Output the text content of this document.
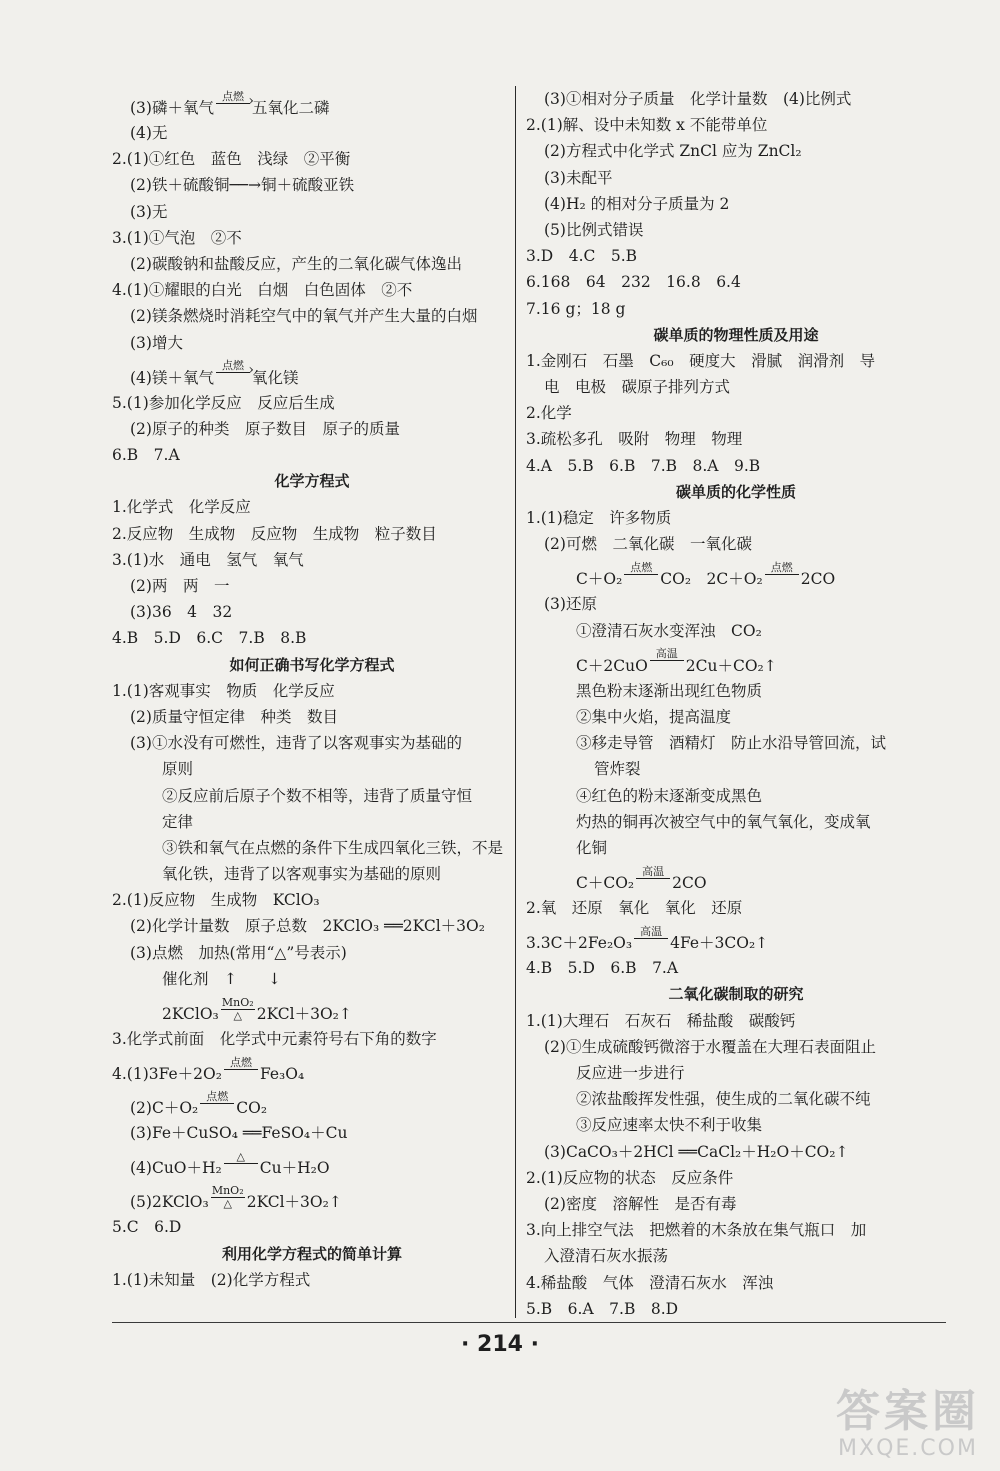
(3)磷＋氧气
点燃
›
五氧化二磷
(4)无
2.(1)①红色　蓝色　浅绿　②平衡
(2)铁＋硫酸铜──→铜＋硫酸亚铁
(3)无
3.(1)①气泡　②不
(2)碳酸钠和盐酸反应，产生的二氧化碳气体逸出
4.(1)①耀眼的白光　白烟　白色固体　②不
(2)镁条燃烧时消耗空气中的氧气并产生大量的白烟
(3)增大
(4)镁＋氧气
点燃
›
氧化镁
5.(1)参加化学反应　反应后生成
(2)原子的种类　原子数目　原子的质量
6.B　7.A
化学方程式
1.化学式　化学反应
2.反应物　生成物　反应物　生成物　粒子数目
3.(1)水　通电　氢气　氧气
(2)两　两　一
(3)36　4　32
4.B　5.D　6.C　7.B　8.B
如何正确书写化学方程式
1.(1)客观事实　物质　化学反应
(2)质量守恒定律　种类　数目
(3)①水没有可燃性，违背了以客观事实为基础的
原则
②反应前后原子个数不相等，违背了质量守恒
定律
③铁和氧气在点燃的条件下生成四氧化三铁，不是
氧化铁，违背了以客观事实为基础的原则
2.(1)反应物　生成物　KClO₃
(2)化学计量数　原子总数　2KClO₃ ══2KCl＋3O₂
(3)点燃　加热(常用“△”号表示)
催化剂　↑　　↓
2KClO₃
MnO₂
△ 2KCl＋3O₂↑
3.化学式前面　化学式中元素符号右下角的数字
4.(1)3Fe＋2O₂
点燃
Fe₃O₄
(2)C＋O₂
点燃
CO₂
(3)Fe＋CuSO₄ ══FeSO₄＋Cu
(4)CuO＋H₂
△
Cu＋H₂O
(5)2KClO₃
MnO₂
△ 2KCl＋3O₂↑
5.C　6.D
利用化学方程式的简单计算
1.(1)未知量　(2)化学方程式
(3)①相对分子质量　化学计量数　(4)比例式
2.(1)解、设中未知数 x 不能带单位
(2)方程式中化学式 ZnCl 应为 ZnCl₂
(3)未配平
(4)H₂ 的相对分子质量为 2
(5)比例式错误
3.D　4.C　5.B
6.168　64　232　16.8　6.4
7.16 g；18 g
碳单质的物理性质及用途
1.金刚石　石墨　C₆₀　硬度大　滑腻　润滑剂　导
电　电极　碳原子排列方式
2.化学
3.疏松多孔　吸附　物理　物理
4.A　5.B　6.B　7.B　8.A　9.B
碳单质的化学性质
1.(1)稳定　许多物质
(2)可燃　二氧化碳　一氧化碳
C＋O₂
点燃
CO₂　2C＋O₂
点燃
2CO
(3)还原
①澄清石灰水变浑浊　CO₂
C＋2CuO
高温
2Cu＋CO₂↑
黑色粉末逐渐出现红色物质
②集中火焰，提高温度
③移走导管　酒精灯　防止水沿导管回流，试
管炸裂
④红色的粉末逐渐变成黑色
灼热的铜再次被空气中的氧气氧化，变成氧
化铜
C＋CO₂
高温
2CO
2.氧　还原　氧化　氧化　还原
3.3C＋2Fe₂O₃
高温
4Fe＋3CO₂↑
4.B　5.D　6.B　7.A
二氧化碳制取的研究
1.(1)大理石　石灰石　稀盐酸　碳酸钙
(2)①生成硫酸钙微溶于水覆盖在大理石表面阻止
反应进一步进行
②浓盐酸挥发性强，使生成的二氧化碳不纯
③反应速率太快不利于收集
(3)CaCO₃＋2HCl ══CaCl₂＋H₂O＋CO₂↑
2.(1)反应物的状态　反应条件
(2)密度　溶解性　是否有毒
3.向上排空气法　把燃着的木条放在集气瓶口　加
入澄清石灰水振荡
4.稀盐酸　气体　澄清石灰水　浑浊
5.B　6.A　7.B　8.D
· 214 ·
答案圈
MXQE.COM
